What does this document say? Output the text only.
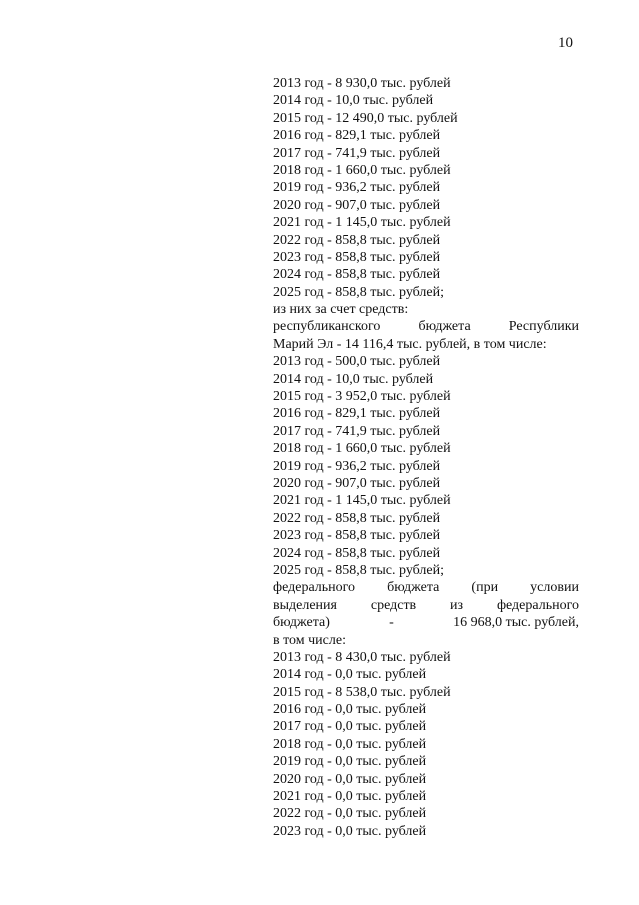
10
2013 год - 8 930,0 тыс. рублей
2014 год - 10,0 тыс. рублей
2015 год - 12 490,0 тыс. рублей
2016 год - 829,1 тыс. рублей
2017 год - 741,9 тыс. рублей
2018 год - 1 660,0 тыс. рублей
2019 год - 936,2 тыс. рублей
2020 год - 907,0 тыс. рублей
2021 год - 1 145,0 тыс. рублей
2022 год - 858,8 тыс. рублей
2023 год - 858,8 тыс. рублей
2024 год - 858,8 тыс. рублей
2025 год - 858,8 тыс. рублей;
из них за счет средств:
республиканского	бюджета	Республики
Марий Эл - 14 116,4 тыс. рублей, в том числе:
2013 год - 500,0 тыс. рублей
2014 год - 10,0 тыс. рублей
2015 год - 3 952,0 тыс. рублей
2016 год - 829,1 тыс. рублей
2017 год - 741,9 тыс. рублей
2018 год - 1 660,0 тыс. рублей
2019 год - 936,2 тыс. рублей
2020 год - 907,0 тыс. рублей
2021 год - 1 145,0 тыс. рублей
2022 год - 858,8 тыс. рублей
2023 год - 858,8 тыс. рублей
2024 год - 858,8 тыс. рублей
2025 год - 858,8 тыс. рублей;
федерального бюджета (при условии
выделения средств из федерального
бюджета)	-	16 968,0 тыс. рублей,
в том числе:
2013 год - 8 430,0 тыс. рублей
2014 год - 0,0 тыс. рублей
2015 год - 8 538,0 тыс. рублей
2016 год - 0,0 тыс. рублей
2017 год - 0,0 тыс. рублей
2018 год - 0,0 тыс. рублей
2019 год - 0,0 тыс. рублей
2020 год - 0,0 тыс. рублей
2021 год - 0,0 тыс. рублей
2022 год - 0,0 тыс. рублей
2023 год - 0,0 тыс. рублей
